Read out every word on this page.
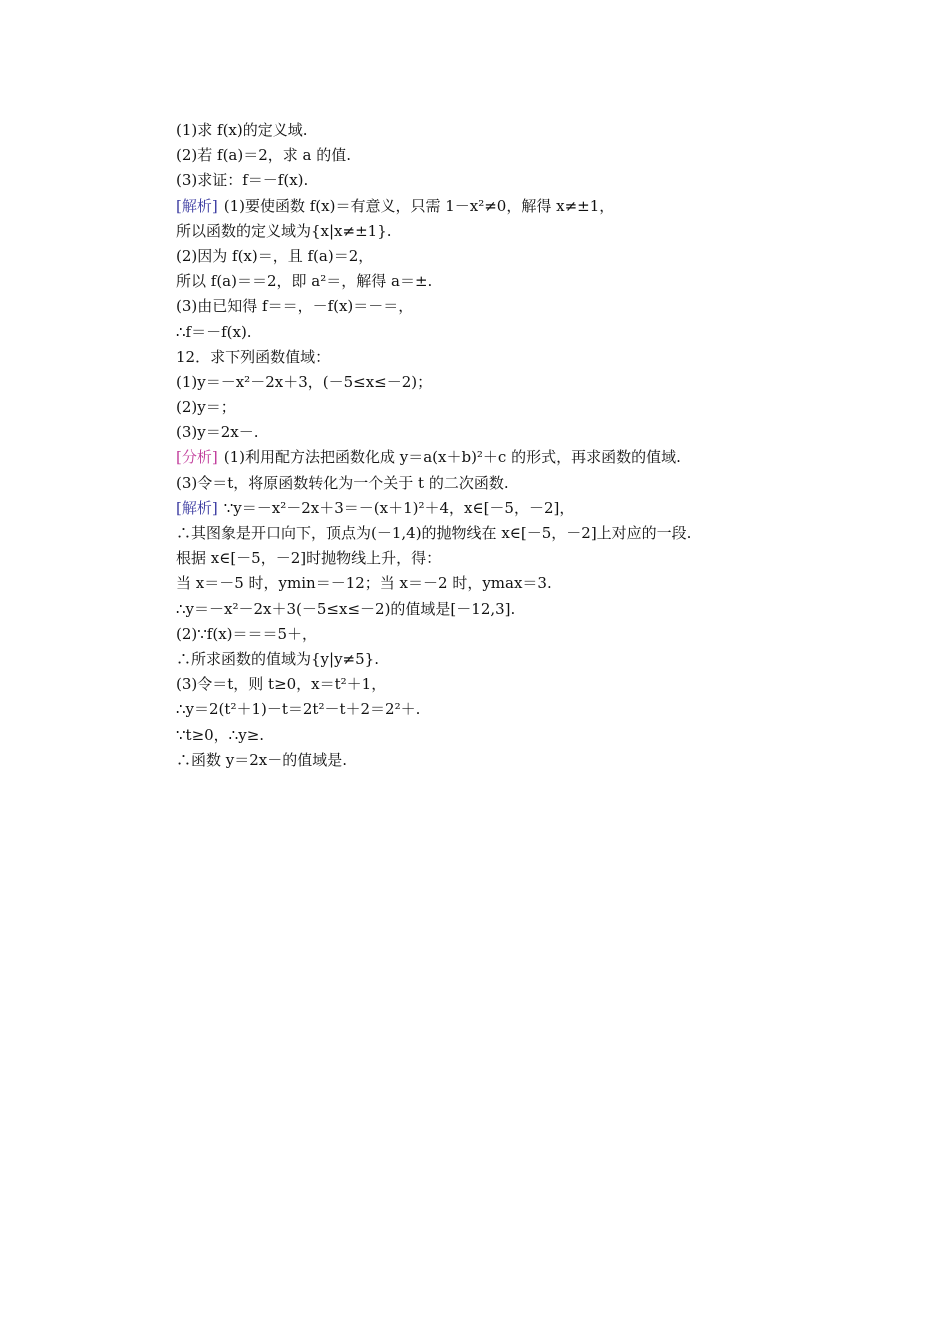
(1)求 f(x)的定义域.
(2)若 f(a)＝2，求 a 的值.
(3)求证：f＝－f(x).
[解析] (1)要使函数 f(x)＝有意义，只需 1－x²≠0，解得 x≠±1，
所以函数的定义域为{x|x≠±1}.
(2)因为 f(x)＝，且 f(a)＝2，
所以 f(a)＝＝2，即 a²＝，解得 a＝±.
(3)由已知得 f＝＝，－f(x)＝－＝，
∴f＝－f(x).
12．求下列函数值域：
(1)y＝－x²－2x＋3，(－5≤x≤－2)；
(2)y＝；
(3)y＝2x－.
[分析] (1)利用配方法把函数化成 y＝a(x＋b)²＋c 的形式，再求函数的值域.
(3)令＝t，将原函数转化为一个关于 t 的二次函数.
[解析] ∵y＝－x²－2x＋3＝－(x＋1)²＋4，x∈[－5，－2]，
∴其图象是开口向下，顶点为(－1,4)的抛物线在 x∈[－5，－2]上对应的一段.
根据 x∈[－5，－2]时抛物线上升，得：
当 x＝－5 时，ymin＝－12；当 x＝－2 时，ymax＝3.
∴y＝－x²－2x＋3(－5≤x≤－2)的值域是[－12,3].
(2)∵f(x)＝＝＝5＋，
∴所求函数的值域为{y|y≠5}.
(3)令＝t，则 t≥0，x＝t²＋1，
∴y＝2(t²＋1)－t＝2t²－t＋2＝2²＋.
∵t≥0，∴y≥.
∴函数 y＝2x－的值域是.
